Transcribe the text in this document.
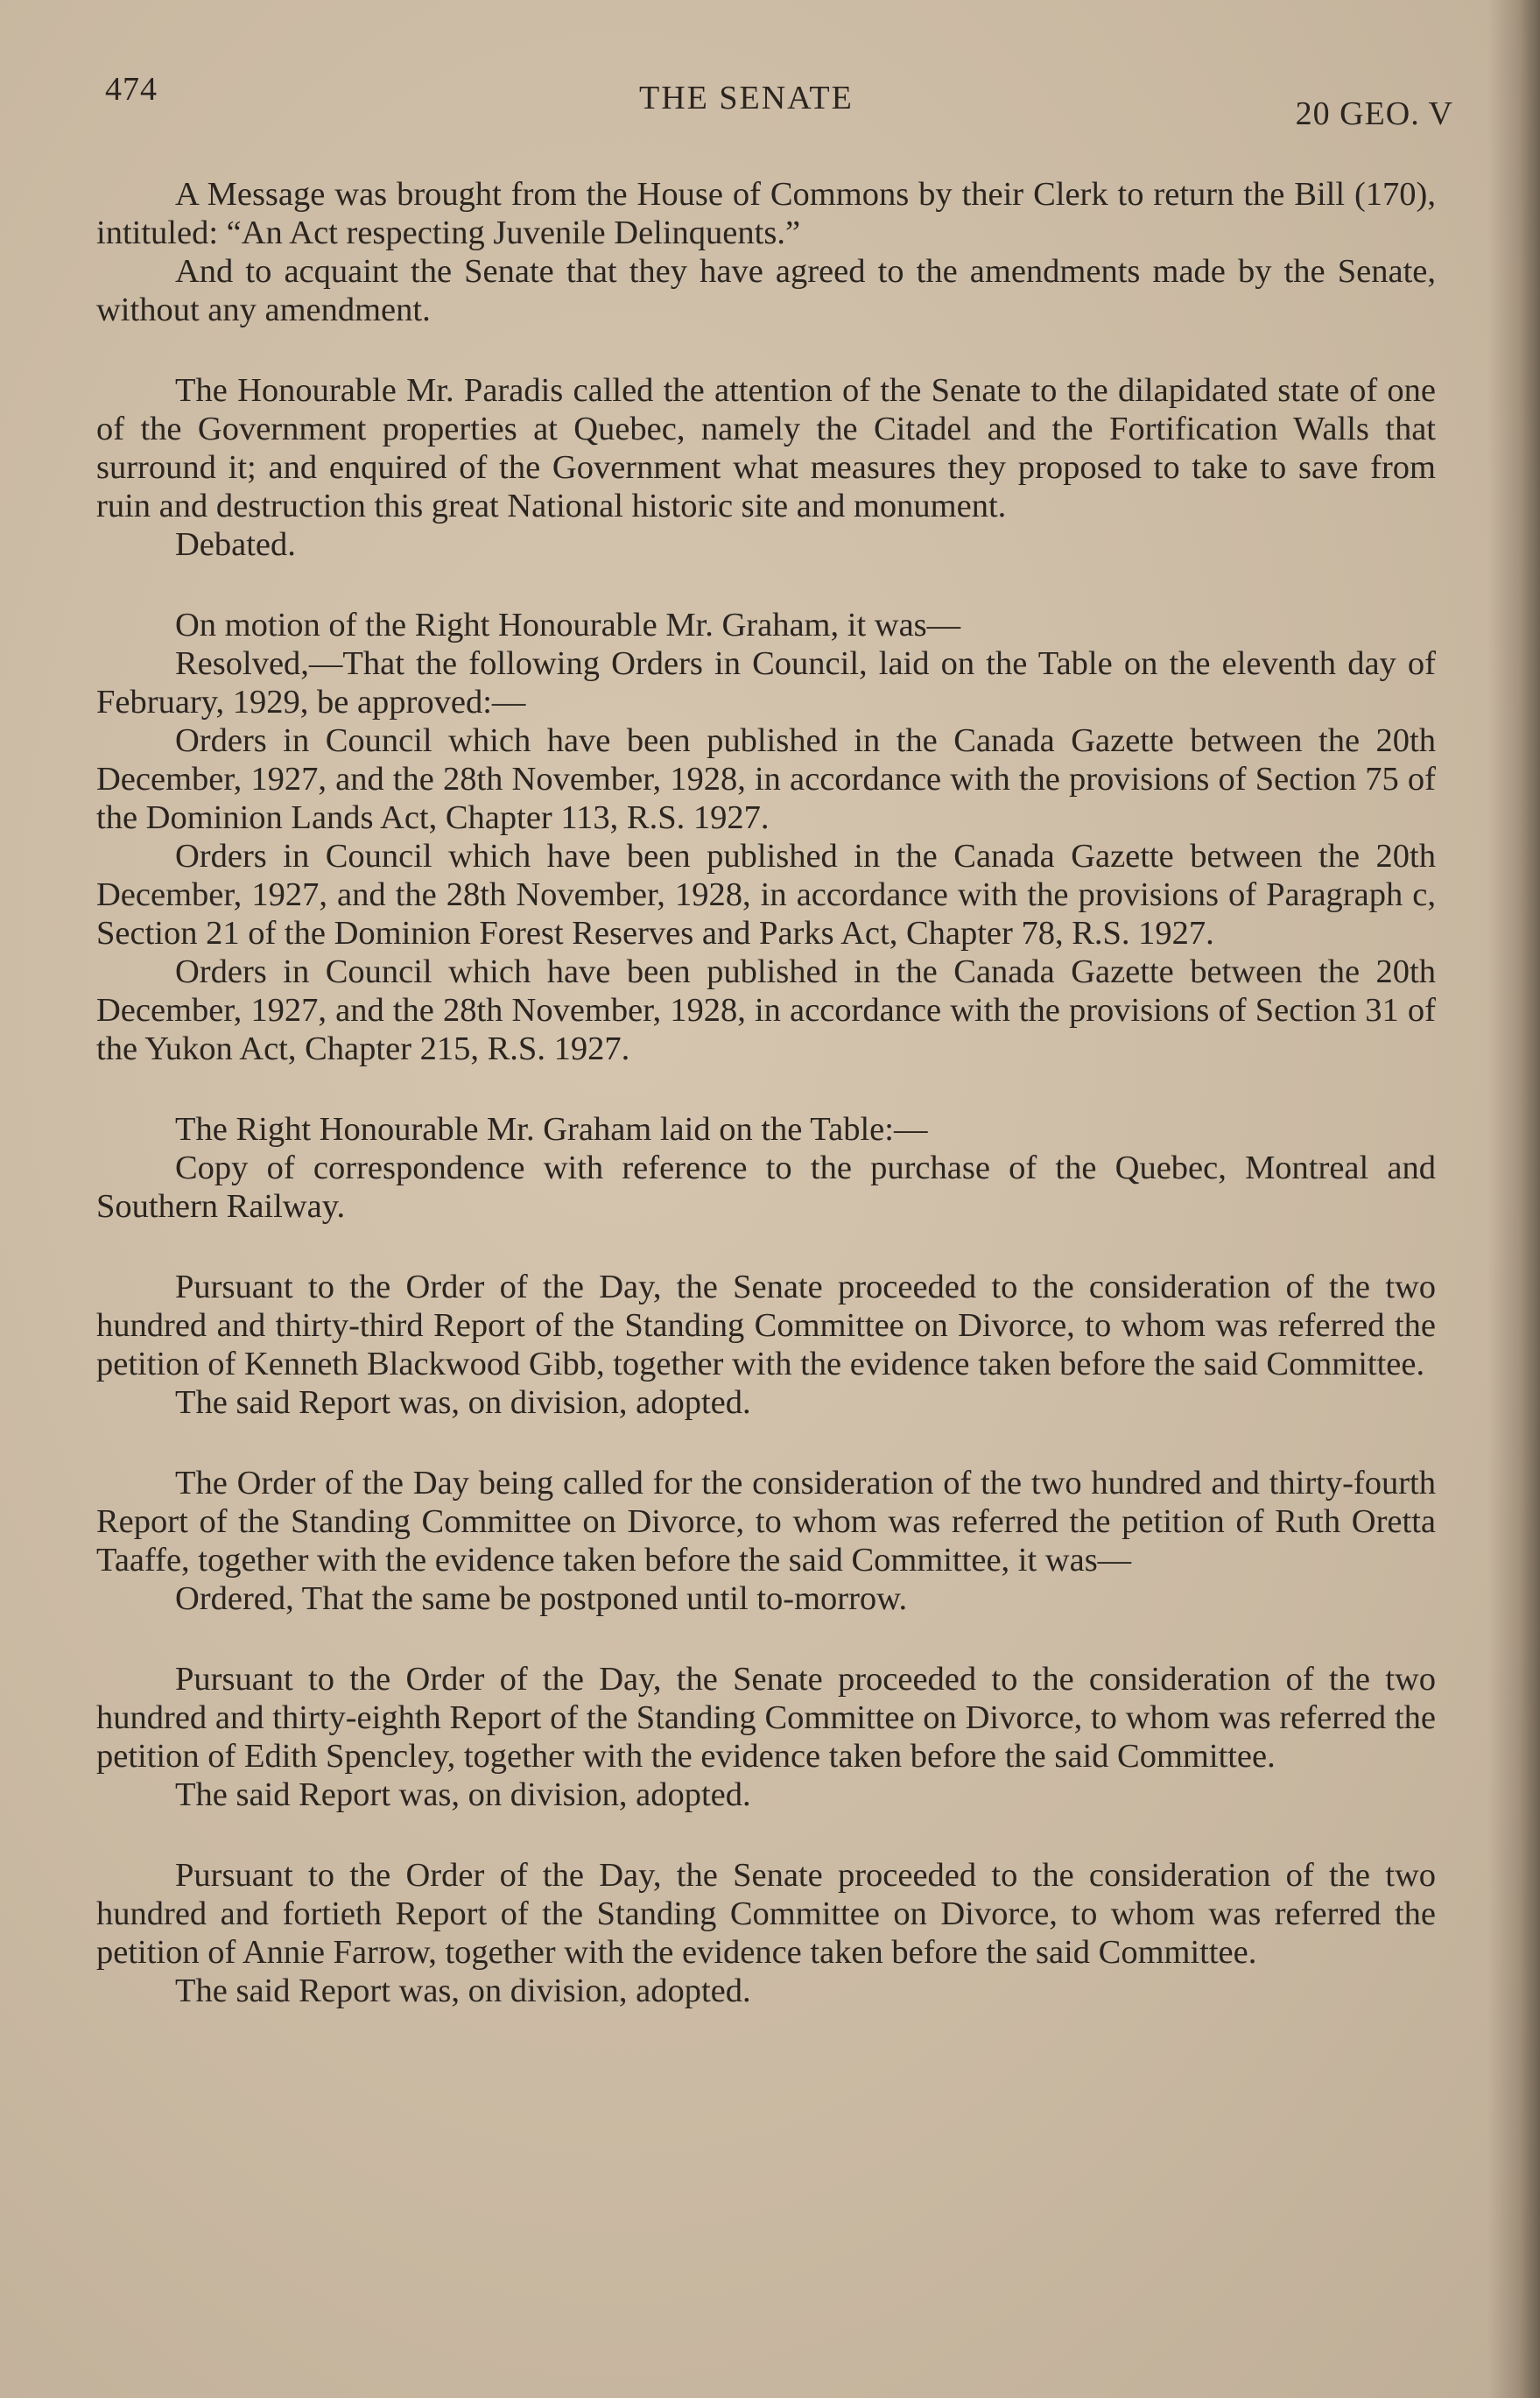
474	THE SENATE	20 GEO. V

A Message was brought from the House of Commons by their Clerk to return the Bill (170), intituled: “An Act respecting Juvenile Delinquents.”

And to acquaint the Senate that they have agreed to the amendments made by the Senate, without any amendment.

The Honourable Mr. Paradis called the attention of the Senate to the dilapidated state of one of the Government properties at Quebec, namely the Citadel and the Fortification Walls that surround it; and enquired of the Government what measures they proposed to take to save from ruin and destruction this great National historic site and monument.

Debated.

On motion of the Right Honourable Mr. Graham, it was—

Resolved,—That the following Orders in Council, laid on the Table on the eleventh day of February, 1929, be approved:—

Orders in Council which have been published in the Canada Gazette between the 20th December, 1927, and the 28th November, 1928, in accordance with the provisions of Section 75 of the Dominion Lands Act, Chapter 113, R.S. 1927.

Orders in Council which have been published in the Canada Gazette between the 20th December, 1927, and the 28th November, 1928, in accordance with the provisions of Paragraph c, Section 21 of the Dominion Forest Reserves and Parks Act, Chapter 78, R.S. 1927.

Orders in Council which have been published in the Canada Gazette between the 20th December, 1927, and the 28th November, 1928, in accordance with the provisions of Section 31 of the Yukon Act, Chapter 215, R.S. 1927.

The Right Honourable Mr. Graham laid on the Table:—

Copy of correspondence with reference to the purchase of the Quebec, Montreal and Southern Railway.

Pursuant to the Order of the Day, the Senate proceeded to the consideration of the two hundred and thirty-third Report of the Standing Committee on Divorce, to whom was referred the petition of Kenneth Blackwood Gibb, together with the evidence taken before the said Committee.

The said Report was, on division, adopted.

The Order of the Day being called for the consideration of the two hundred and thirty-fourth Report of the Standing Committee on Divorce, to whom was referred the petition of Ruth Oretta Taaffe, together with the evidence taken before the said Committee, it was—

Ordered, That the same be postponed until to-morrow.

Pursuant to the Order of the Day, the Senate proceeded to the consideration of the two hundred and thirty-eighth Report of the Standing Committee on Divorce, to whom was referred the petition of Edith Spencley, together with the evidence taken before the said Committee.

The said Report was, on division, adopted.

Pursuant to the Order of the Day, the Senate proceeded to the consideration of the two hundred and fortieth Report of the Standing Committee on Divorce, to whom was referred the petition of Annie Farrow, together with the evidence taken before the said Committee.

The said Report was, on division, adopted.
